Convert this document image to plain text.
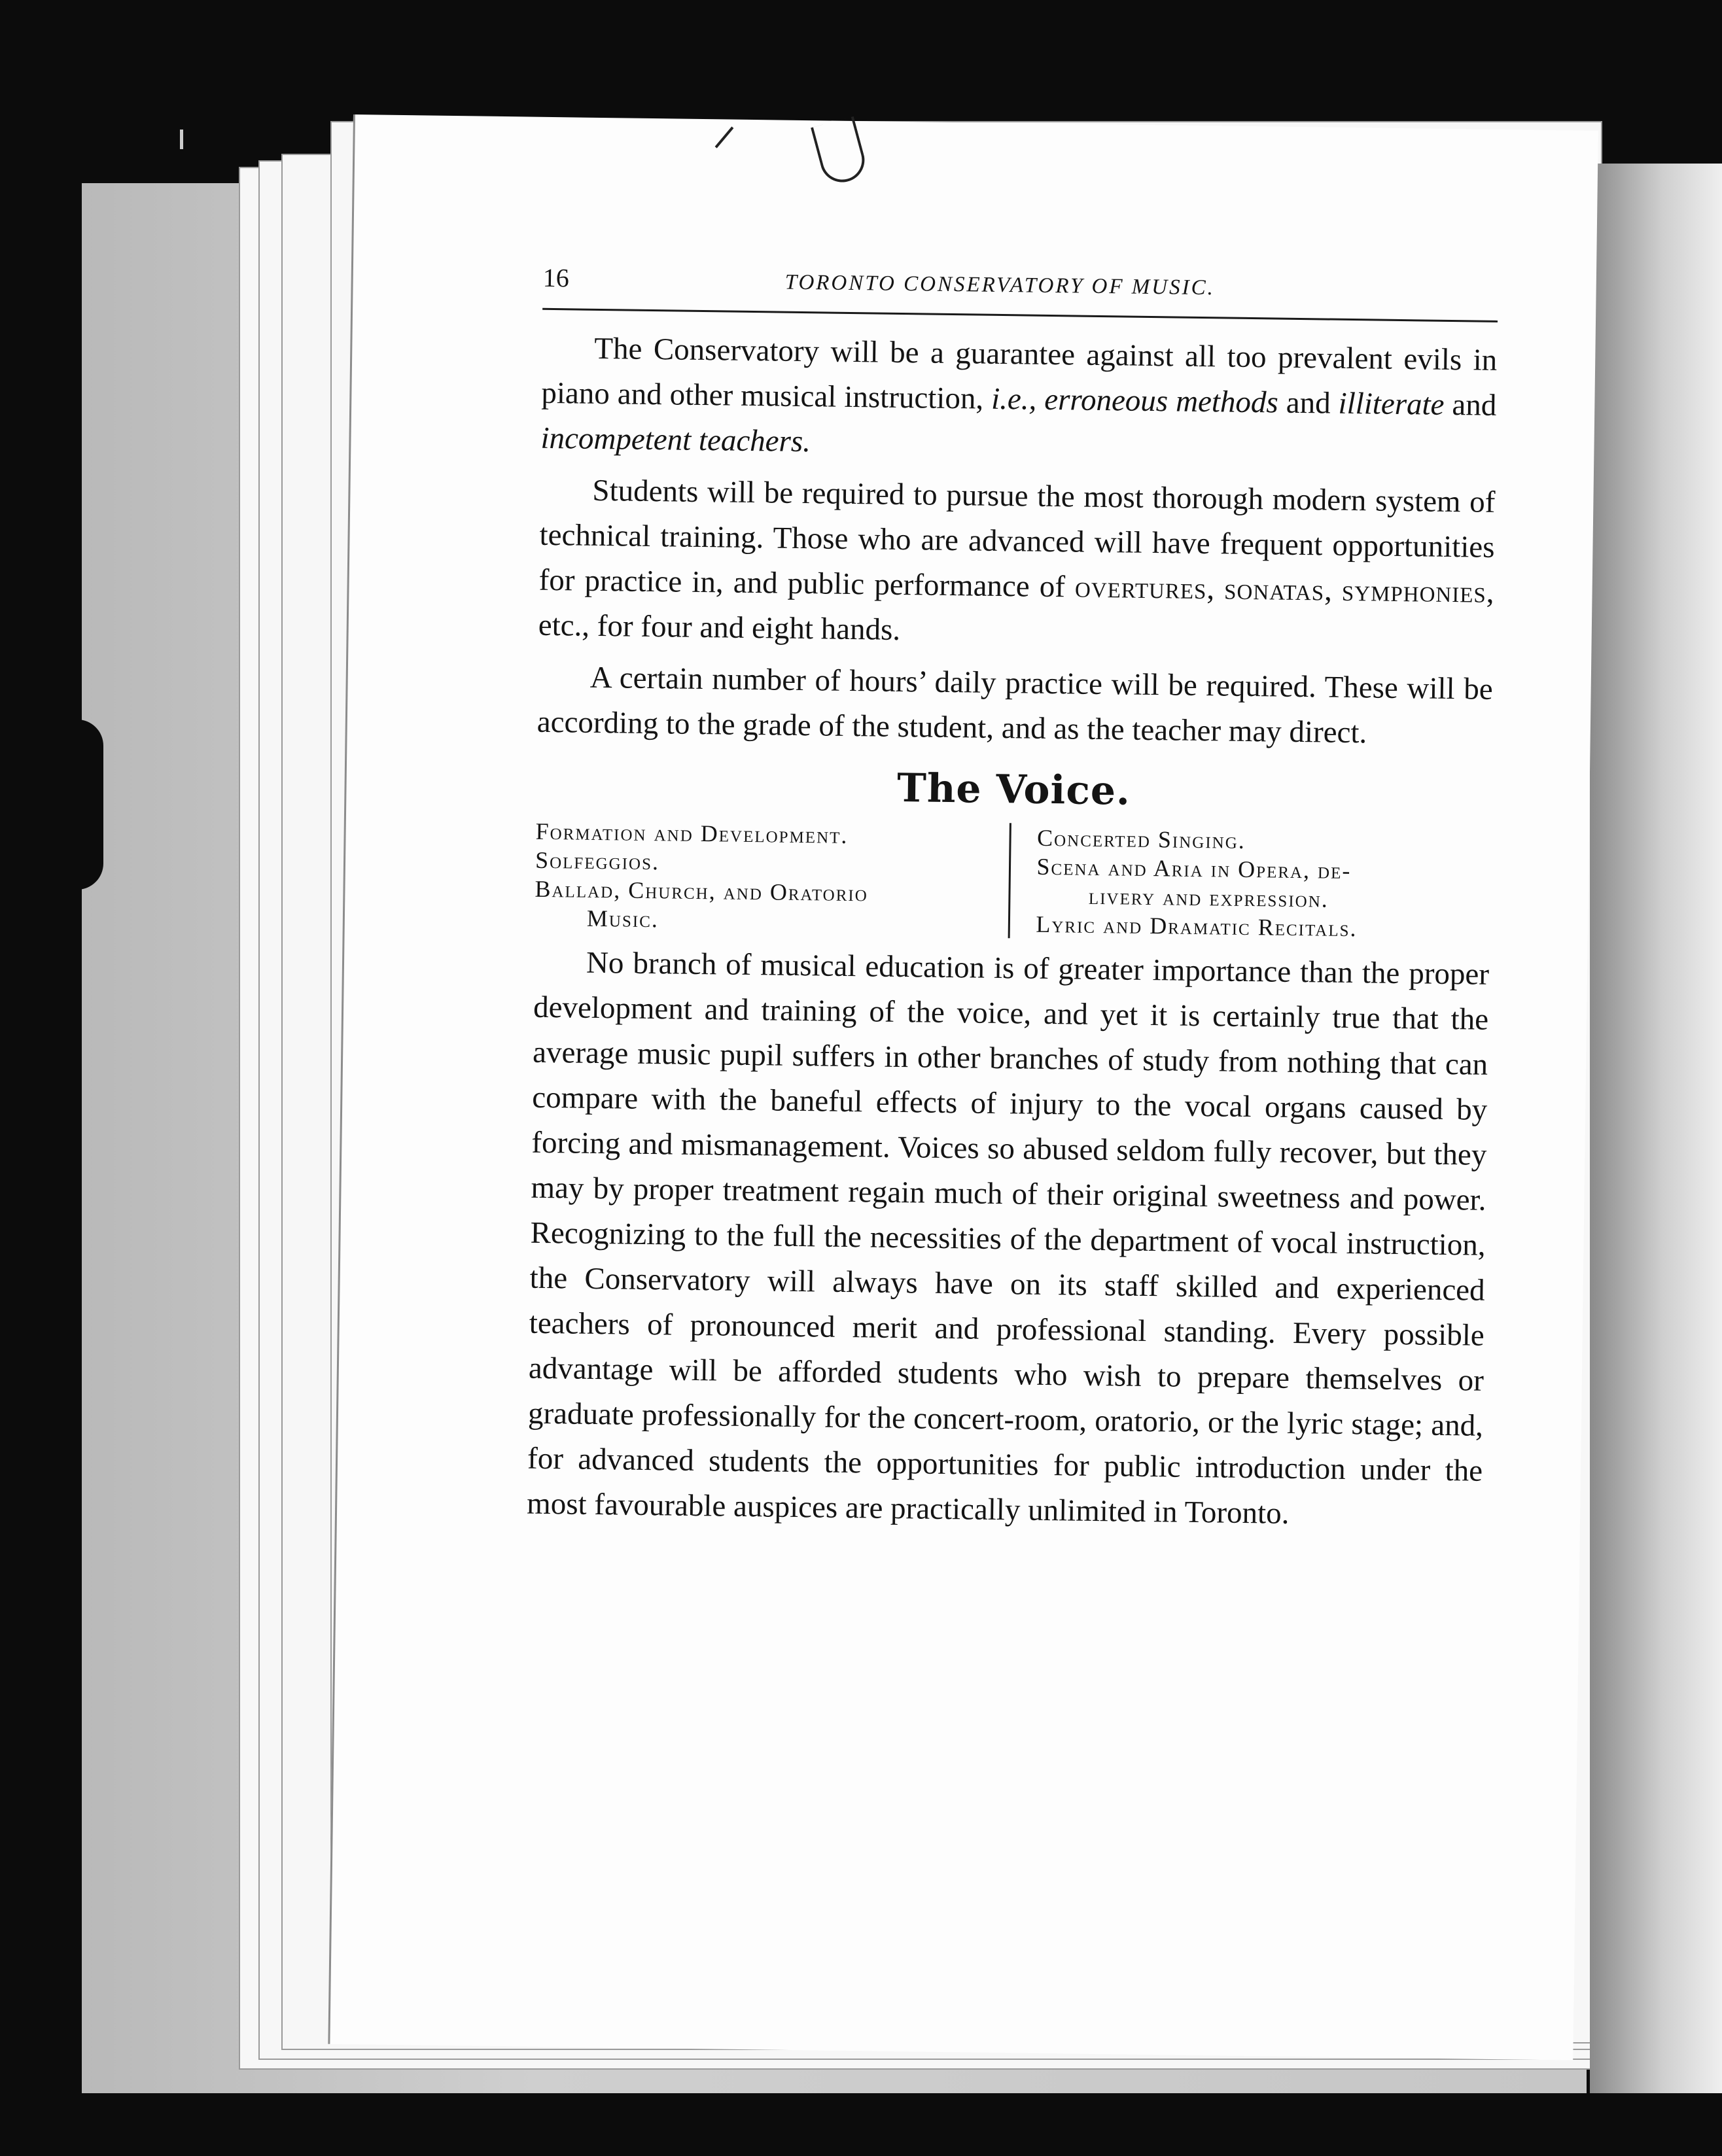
16	TORONTO CONSERVATORY OF MUSIC.

The Conservatory will be a guarantee against all too prevalent evils in piano and other musical instruction, i.e., erroneous methods and illiterate and incompetent teachers.

Students will be required to pursue the most thorough modern system of technical training. Those who are advanced will have frequent opportunities for practice in, and public performance of overtures, sonatas, symphonies, etc., for four and eight hands.

A certain number of hours’ daily practice will be required. These will be according to the grade of the student, and as the teacher may direct.

The Voice.
Formation and Development.
Solfeggios.
Ballad, Church, and Oratorio
Music.
Concerted Singing.
Scena and Aria in Opera, de-
livery and expression.
Lyric and Dramatic Recitals.

No branch of musical education is of greater importance than the proper development and training of the voice, and yet it is certainly true that the average music pupil suffers in other branches of study from nothing that can compare with the baneful effects of injury to the vocal organs caused by forcing and mismanagement. Voices so abused seldom fully recover, but they may by proper treatment regain much of their original sweetness and power. Recognizing to the full the necessities of the department of vocal instruction, the Conservatory will always have on its staff skilled and experienced teachers of pronounced merit and professional standing. Every possible advantage will be afforded students who wish to prepare themselves or graduate professionally for the concert-room, oratorio, or the lyric stage; and, for advanced students the opportunities for public introduction under the most favourable auspices are practically unlimited in Toronto.
